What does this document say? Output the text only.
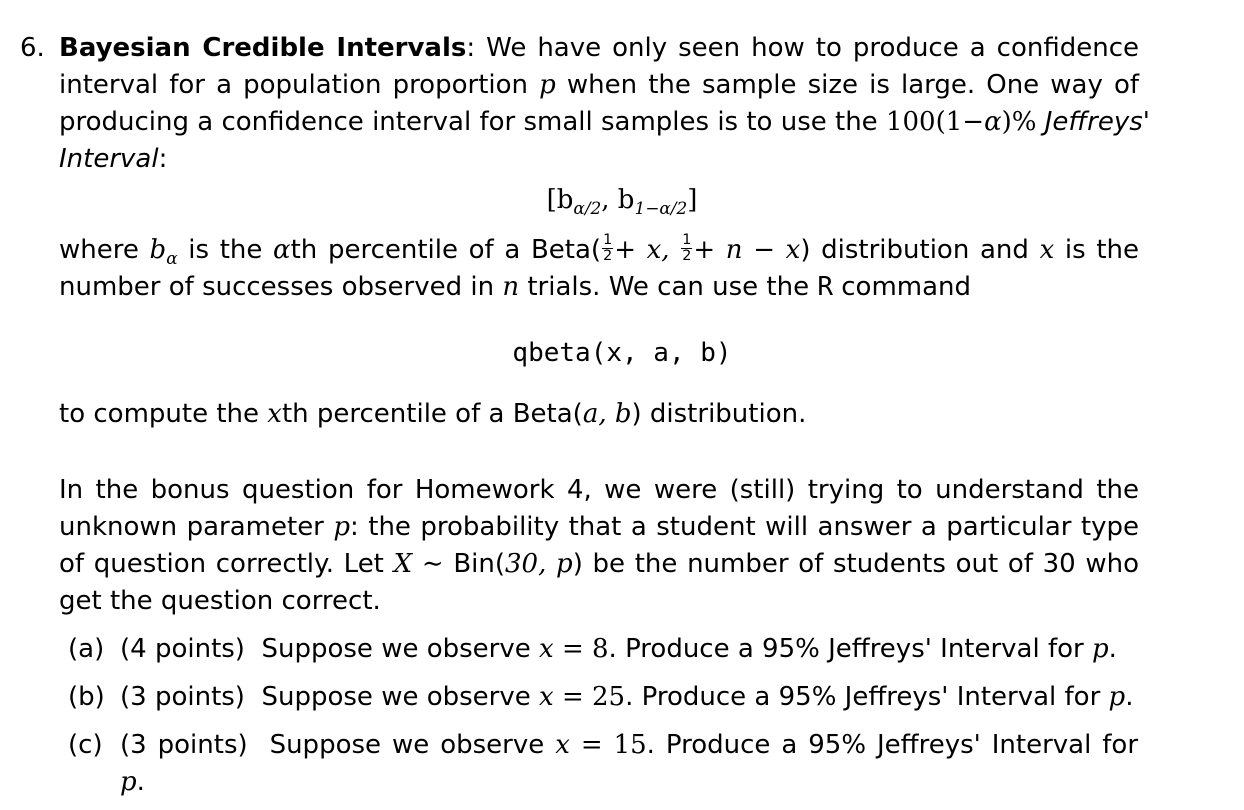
6. Bayesian Credible Intervals: We have only seen how to produce a confidence
interval for a population proportion p when the sample size is large. One way of
producing a confidence interval for small samples is to use the 100(1−α)% Jeffreys'
Interval:
[$b_{\alpha/2}$, $b_{1-\alpha/2}$]
where $b_\alpha$ is the αth percentile of a Beta( $\frac{1}{2} + x$, $\frac{1}{2} + n - x$) distribution and x is the
number of successes observed in n trials. We can use the R command
qbeta(x, a, b)
to compute the xth percentile of a Beta(a, b) distribution.
In the bonus question for Homework 4, we were (still) trying to understand the
unknown parameter p: the probability that a student will answer a particular type
of question correctly. Let X ∼ Bin(30, p) be the number of students out of 30 who
get the question correct.
(a) (4 points) Suppose we observe x = 8. Produce a 95% Jeffreys' Interval for p.
(b) (3 points) Suppose we observe x = 25. Produce a 95% Jeffreys' Interval for p.
(c) (3 points) Suppose we observe x = 15. Produce a 95% Jeffreys' Interval for
p.
